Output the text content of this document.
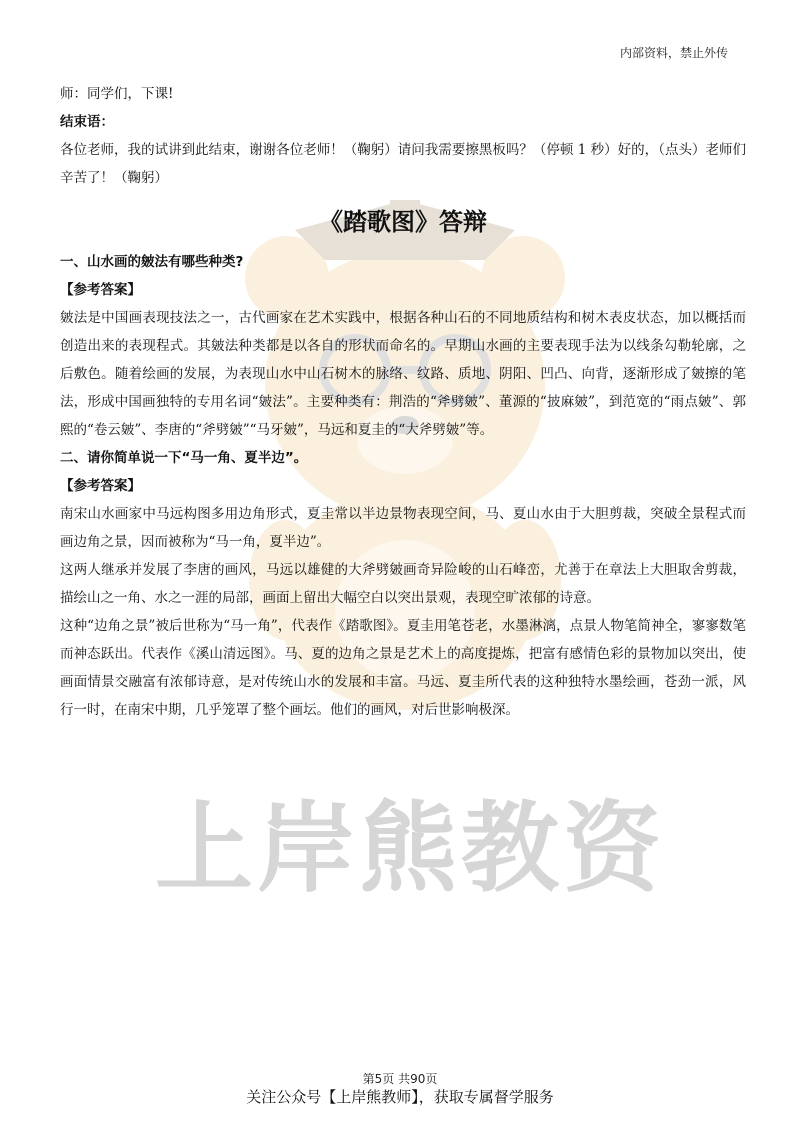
上岸熊教资
内部资料，禁止外传

师：同学们，下课!

结束语：

各位老师，我的试讲到此结束，谢谢各位老师！（鞠躬）请问我需要擦黑板吗？（停顿 1 秒）好的，（点头）老师们辛苦了！（鞠躬）

《踏歌图》答辩

一、山水画的皴法有哪些种类?

【参考答案】

皴法是中国画表现技法之一，古代画家在艺术实践中，根据各种山石的不同地质结构和树木表皮状态，加以概括而创造出来的表现程式。其皴法种类都是以各自的形状而命名的。早期山水画的主要表现手法为以线条勾勒轮廓，之后敷色。随着绘画的发展，为表现山水中山石树木的脉络、纹路、质地、阴阳、凹凸、向背，逐渐形成了皴擦的笔法，形成中国画独特的专用名词“皴法”。主要种类有：荆浩的“斧劈皴”、董源的“披麻皴”，到范宽的“雨点皴”、郭熙的“卷云皴”、李唐的“斧劈皴”“马牙皴”，马远和夏圭的“大斧劈皴”等。

二、请你简单说一下“马一角、夏半边”。

【参考答案】

南宋山水画家中马远构图多用边角形式，夏圭常以半边景物表现空间，马、夏山水由于大胆剪裁，突破全景程式而画边角之景，因而被称为“马一角，夏半边”。

这两人继承并发展了李唐的画风，马远以雄健的大斧劈皴画奇异险峻的山石峰峦，尤善于在章法上大胆取舍剪裁，描绘山之一角、水之一涯的局部，画面上留出大幅空白以突出景观，表现空旷浓郁的诗意。

这种“边角之景”被后世称为“马一角”，代表作《踏歌图》。夏圭用笔苍老，水墨淋漓，点景人物笔简神全，寥寥数笔而神态跃出。代表作《溪山清远图》。马、夏的边角之景是艺术上的高度提炼，把富有感情色彩的景物加以突出，使画面情景交融富有浓郁诗意，是对传统山水的发展和丰富。马远、夏圭所代表的这种独特水墨绘画，苍劲一派，风行一时，在南宋中期，几乎笼罩了整个画坛。他们的画风，对后世影响极深。

第5页 共90页
关注公众号【上岸熊教师】，获取专属督学服务
